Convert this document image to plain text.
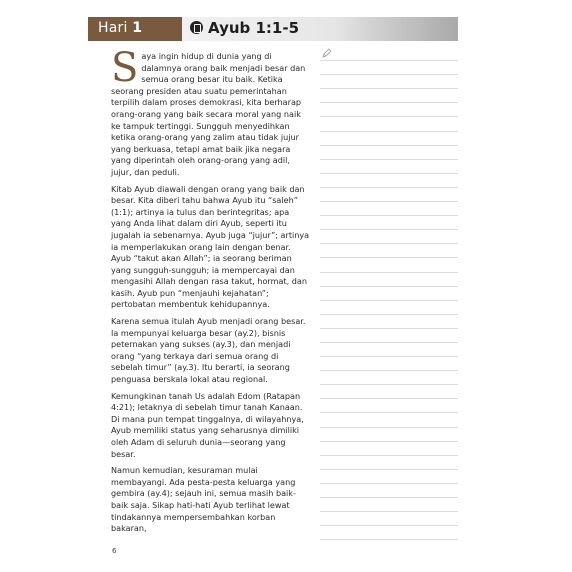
Hari 1	Ayub 1:1-5

Saya ingin hidup di dunia yang di dalamnya orang baik menjadi besar dan semua orang besar itu baik. Ketika seorang presiden atau suatu pemerintahan terpilih dalam proses demokrasi, kita berharap orang-orang yang baik secara moral yang naik ke tampuk tertinggi. Sungguh menyedihkan ketika orang-orang yang zalim atau tidak jujur yang berkuasa, tetapi amat baik jika negara yang diperintah oleh orang-orang yang adil, jujur, dan peduli.

Kitab Ayub diawali dengan orang yang baik dan besar. Kita diberi tahu bahwa Ayub itu “saleh” (1:1); artinya ia tulus dan berintegritas; apa yang Anda lihat dalam diri Ayub, seperti itu jugalah ia sebenarnya. Ayub juga “jujur”; artinya ia memperlakukan orang lain dengan benar. Ayub “takut akan Allah”; ia seorang beriman yang sungguh-sungguh; ia mempercayai dan mengasihi Allah dengan rasa takut, hormat, dan kasih. Ayub pun “menjauhi kejahatan”; pertobatan membentuk kehidupannya.

Karena semua itulah Ayub menjadi orang besar. Ia mempunyai keluarga besar (ay.2), bisnis peternakan yang sukses (ay.3), dan menjadi orang “yang terkaya dari semua orang di sebelah timur” (ay.3). Itu berarti, ia seorang penguasa berskala lokal atau regional.

Kemungkinan tanah Us adalah Edom (Ratapan 4:21); letaknya di sebelah timur tanah Kanaan. Di mana pun tempat tinggalnya, di wilayahnya, Ayub memiliki status yang seharusnya dimiliki oleh Adam di seluruh dunia—seorang yang besar.

Namun kemudian, kesuraman mulai membayangi. Ada pesta-pesta keluarga yang gembira (ay.4); sejauh ini, semua masih baik-baik saja. Sikap hati-hati Ayub terlihat lewat tindakannya mempersembahkan korban bakaran,

6
